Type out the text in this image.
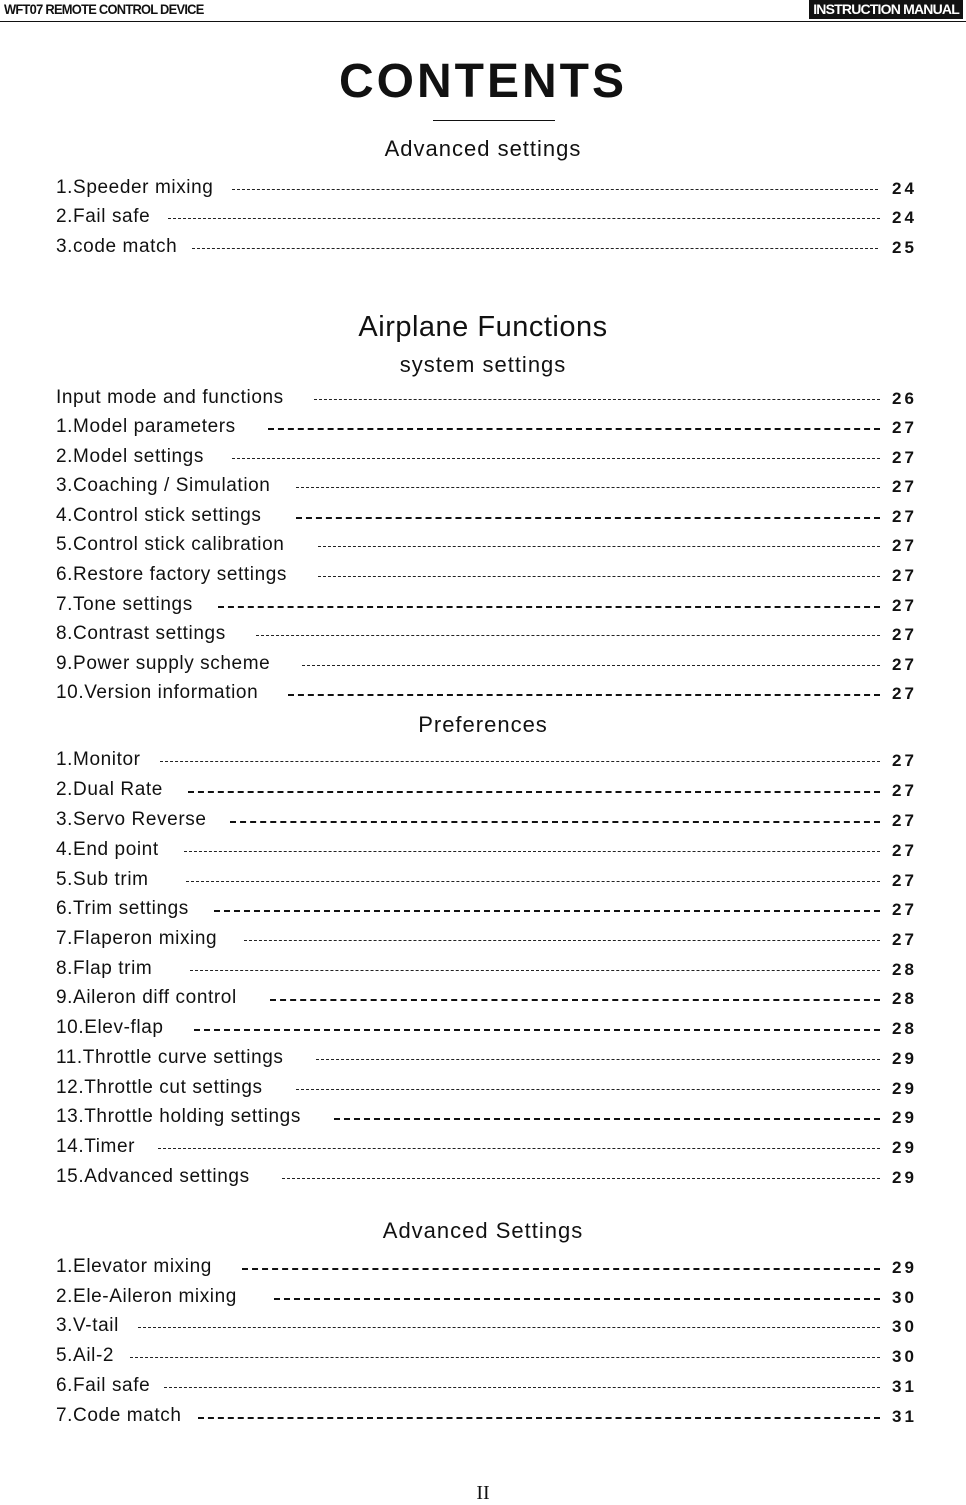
WFT07 REMOTE CONTROL DEVICE	INSTRUCTION MANUAL
CONTENTS
Advanced settings
Airplane Functions
system settings
Preferences
Advanced Settings
1.Speeder mixing	24
2.Fail safe	24
3.code match	25
Input mode and functions	26
1.Model parameters	27
2.Model settings	27
3.Coaching / Simulation	27
4.Control stick settings	27
5.Control stick calibration	27
6.Restore factory settings	27
7.Tone settings	27
8.Contrast settings	27
9.Power supply scheme	27
10.Version information	27
1.Monitor	27
2.Dual Rate	27
3.Servo Reverse	27
4.End point	27
5.Sub trim	27
6.Trim settings	27
7.Flaperon mixing	27
8.Flap trim	28
9.Aileron diff control	28
10.Elev-flap	28
11.Throttle curve settings	29
12.Throttle cut settings	29
13.Throttle holding settings	29
14.Timer	29
15.Advanced settings	29
1.Elevator mixing	29
2.Ele-Aileron mixing	30
3.V-tail	30
5.Ail-2	30
6.Fail safe	31
7.Code match	31
II
